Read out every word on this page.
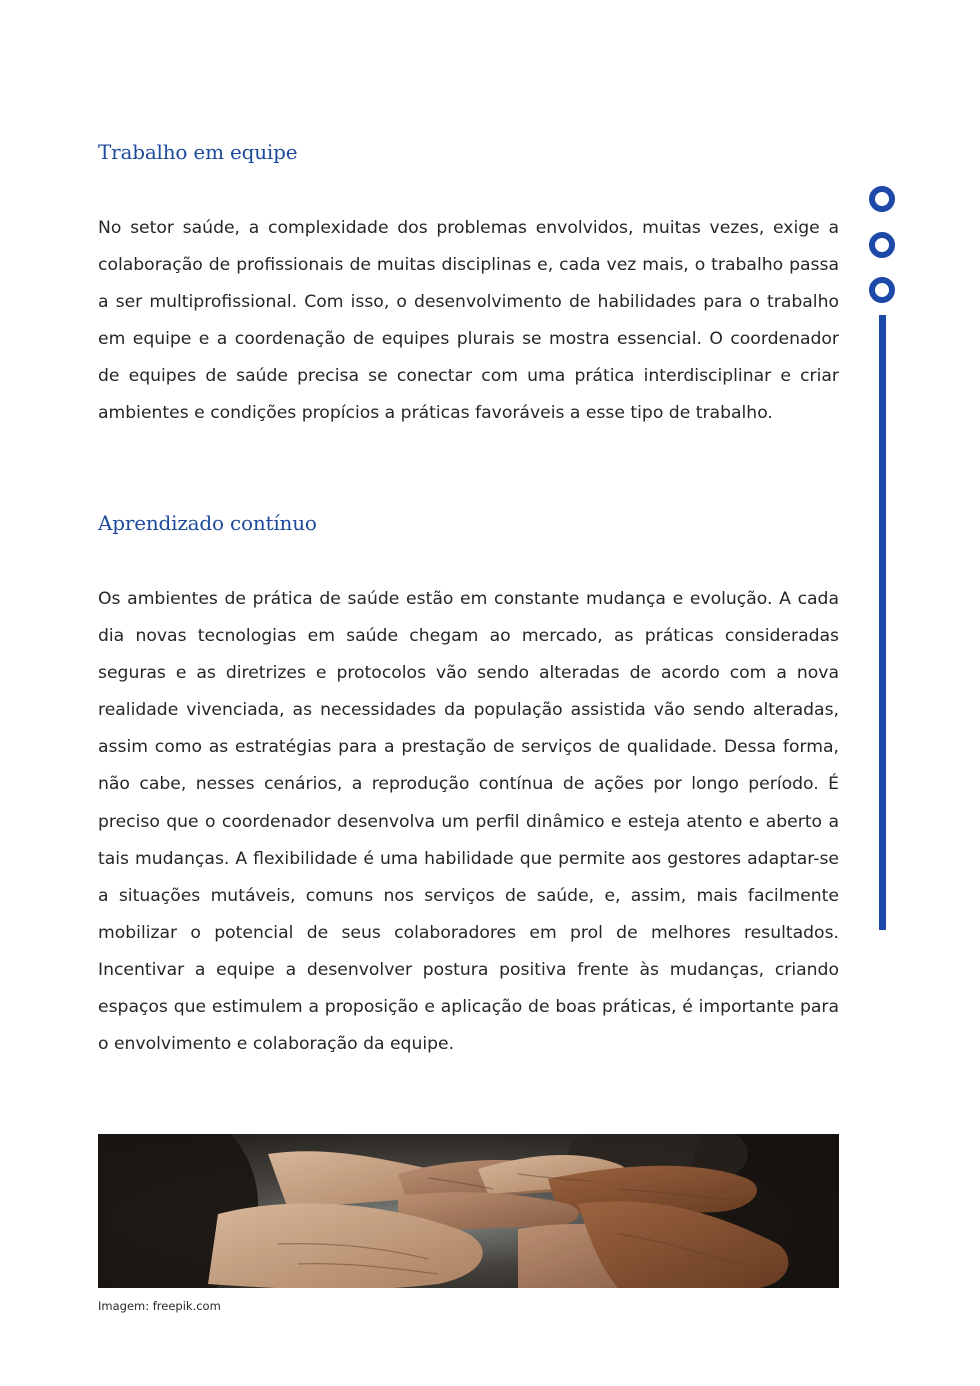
Trabalho em equipe

No setor saúde, a complexidade dos problemas envolvidos, muitas vezes, exige a colaboração de profissionais de muitas disciplinas e, cada vez mais, o trabalho passa a ser multiprofissional. Com isso, o desenvolvimento de habilidades para o trabalho em equipe e a coordenação de equipes plurais se mostra essencial. O coordenador de equipes de saúde precisa se conectar com uma prática interdisciplinar e criar ambientes e condições propícios a práticas favoráveis a esse tipo de trabalho.

Aprendizado contínuo

Os ambientes de prática de saúde estão em constante mudança e evolução. A cada dia novas tecnologias em saúde chegam ao mercado, as práticas consideradas seguras e as diretrizes e protocolos vão sendo alteradas de acordo com a nova realidade vivenciada, as necessidades da população assistida vão sendo alteradas, assim como as estratégias para a prestação de serviços de qualidade. Dessa forma, não cabe, nesses cenários, a reprodução contínua de ações por longo período. É preciso que o coordenador desenvolva um perfil dinâmico e esteja atento e aberto a tais mudanças. A flexibilidade é uma habilidade que permite aos gestores adaptar-se a situações mutáveis, comuns nos serviços de saúde, e, assim, mais facilmente mobilizar o potencial de seus colaboradores em prol de melhores resultados. Incentivar a equipe a desenvolver postura positiva frente às mudanças, criando espaços que estimulem a proposição e aplicação de boas práticas, é importante para o envolvimento e colaboração da equipe.

Imagem: freepik.com
